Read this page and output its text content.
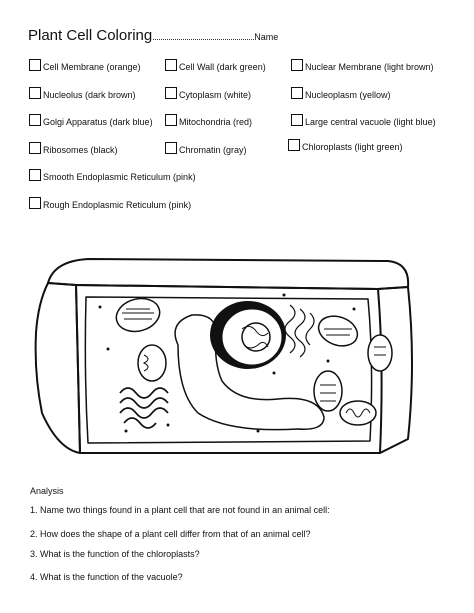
Plant Cell Coloring...................................................Name
Cell Membrane (orange)	Cell Wall (dark green)	Nuclear Membrane (light brown)
Nucleolus (dark brown)	Cytoplasm (white)	Nucleoplasm (yellow)
Golgi Apparatus (dark blue)	Mitochondria (red)	Large central vacuole (light blue)
Ribosomes (black)	Chromatin (gray)	Chloroplasts (light green)
Smooth Endoplasmic Reticulum (pink)
Rough Endoplasmic Reticulum (pink)
Analysis
1. Name two things found in a plant cell that are not found in an animal cell:
2. How does the shape of a plant cell differ from that of an animal cell?
3. What is the function of the chloroplasts?
4. What is the function of the vacuole?
